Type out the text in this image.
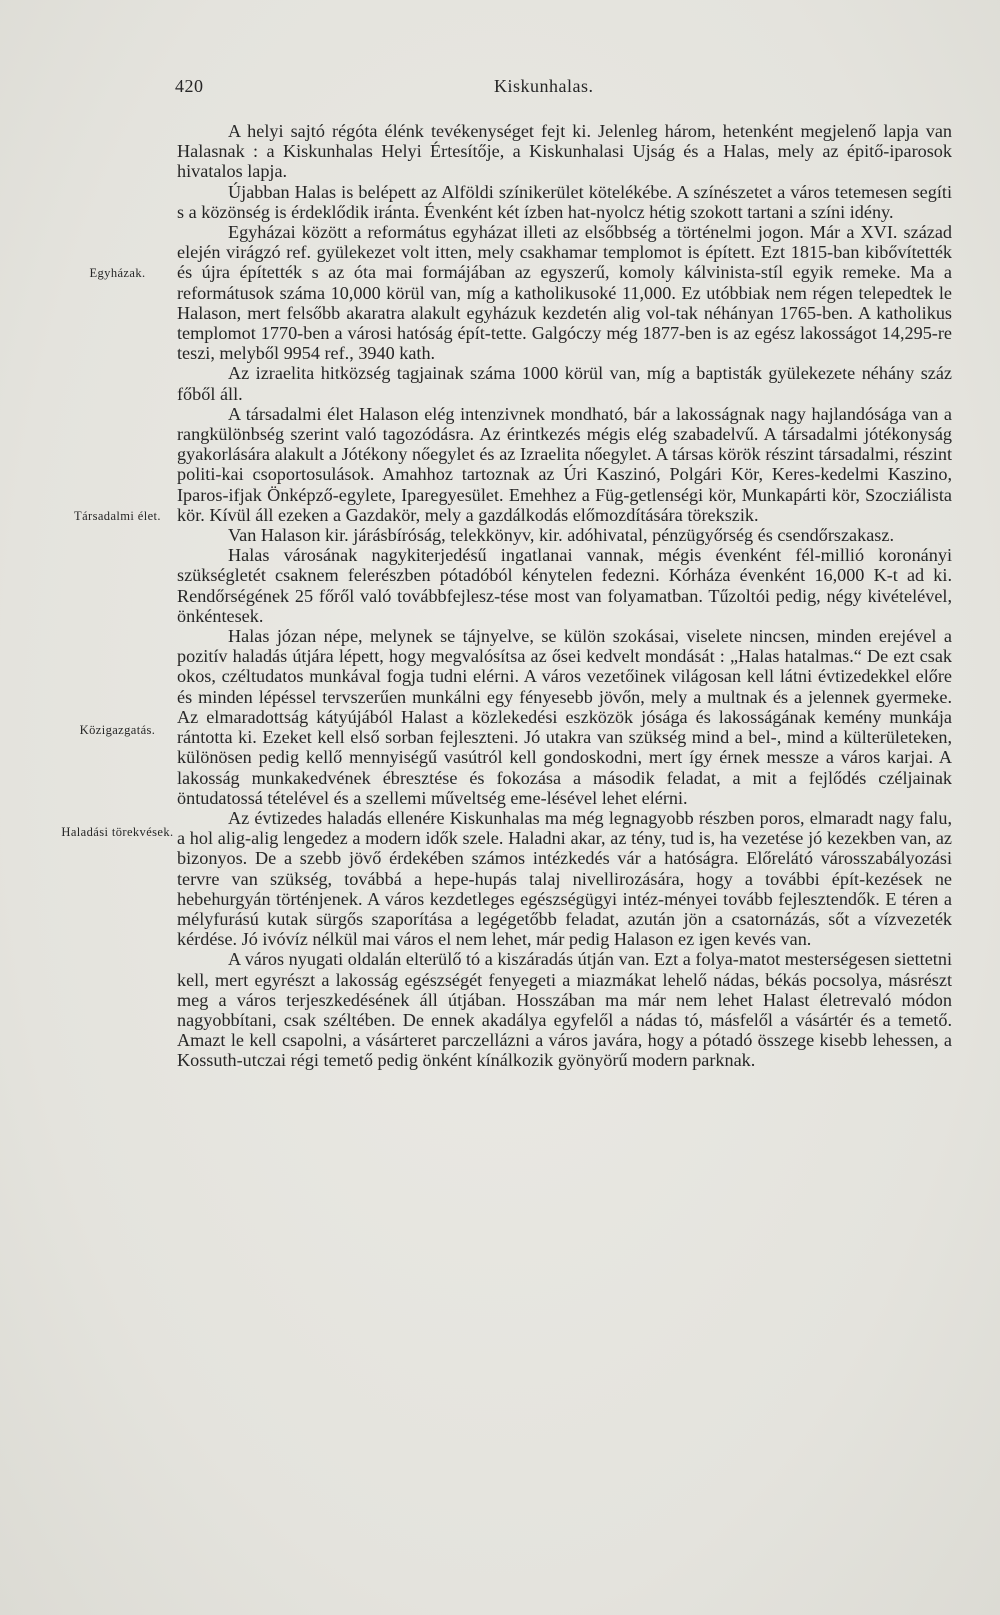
420	Kiskunhalas.
Egyházak.
Társadalmi élet.
Közigazgatás.
Haladási törekvések.

A helyi sajtó régóta élénk tevékenységet fejt ki. Jelenleg három, hetenként megjelenő lapja van Halasnak : a Kiskunhalas Helyi Értesítője, a Kiskunhalasi Ujság és a Halas, mely az épitő-iparosok hivatalos lapja.

Újabban Halas is belépett az Alföldi színikerület kötelékébe. A színészetet a város tetemesen segíti s a közönség is érdeklődik iránta. Évenként két ízben hat-nyolcz hétig szokott tartani a színi idény.

Egyházai között a református egyházat illeti az elsőbbség a történelmi jogon. Már a XVI. század elején virágzó ref. gyülekezet volt itten, mely csakhamar templomot is épített. Ezt 1815-ban kibővítették és újra építették s az óta mai formájában az egyszerű, komoly kálvinista-stíl egyik remeke. Ma a reformátusok száma 10,000 körül van, míg a katholikusoké 11,000. Ez utóbbiak nem régen telepedtek le Halason, mert felsőbb akaratra alakult egyházuk kezdetén alig vol-tak néhányan 1765-ben. A katholikus templomot 1770-ben a városi hatóság épít-tette. Galgóczy még 1877-ben is az egész lakosságot 14,295-re teszi, melyből 9954 ref., 3940 kath.

Az izraelita hitközség tagjainak száma 1000 körül van, míg a baptisták gyülekezete néhány száz főből áll.

A társadalmi élet Halason elég intenzivnek mondható, bár a lakosságnak nagy hajlandósága van a rangkülönbség szerint való tagozódásra. Az érintkezés mégis elég szabadelvű. A társadalmi jótékonyság gyakorlására alakult a Jótékony nőegylet és az Izraelita nőegylet. A társas körök részint társadalmi, részint politi-kai csoportosulások. Amahhoz tartoznak az Úri Kaszinó, Polgári Kör, Keres-kedelmi Kaszino, Iparos-ifjak Önképző-egylete, Iparegyesület. Emehhez a Füg-getlenségi kör, Munkapárti kör, Szocziálista kör. Kívül áll ezeken a Gazdakör, mely a gazdálkodás előmozdítására törekszik.

Van Halason kir. járásbíróság, telekkönyv, kir. adóhivatal, pénzügyőrség és csendőrszakasz.

Halas városának nagykiterjedésű ingatlanai vannak, mégis évenként fél-millió koronányi szükségletét csaknem felerészben pótadóból kénytelen fedezni. Kórháza évenként 16,000 K-t ad ki. Rendőrségének 25 főről való továbbfejlesz-tése most van folyamatban. Tűzoltói pedig, négy kivételével, önkéntesek.

Halas józan népe, melynek se tájnyelve, se külön szokásai, viselete nincsen, minden erejével a pozitív haladás útjára lépett, hogy megvalósítsa az ősei kedvelt mondását : „Halas hatalmas.“ De ezt csak okos, czéltudatos munkával fogja tudni elérni. A város vezetőinek világosan kell látni évtizedekkel előre és minden lépéssel tervszerűen munkálni egy fényesebb jövőn, mely a multnak és a jelennek gyermeke. Az elmaradottság kátyújából Halast a közlekedési eszközök jósága és lakosságának kemény munkája rántotta ki. Ezeket kell első sorban fejleszteni. Jó utakra van szükség mind a bel-, mind a külterületeken, különösen pedig kellő mennyiségű vasútról kell gondoskodni, mert így érnek messze a város karjai. A lakosság munkakedvének ébresztése és fokozása a második feladat, a mit a fejlődés czéljainak öntudatossá tételével és a szellemi műveltség eme-lésével lehet elérni.

Az évtizedes haladás ellenére Kiskunhalas ma még legnagyobb részben poros, elmaradt nagy falu, a hol alig-alig lengedez a modern idők szele. Haladni akar, az tény, tud is, ha vezetése jó kezekben van, az bizonyos. De a szebb jövő érdekében számos intézkedés vár a hatóságra. Előrelátó városszabályozási tervre van szükség, továbbá a hepe-hupás talaj nivellirozására, hogy a további épít-kezések ne hebehurgyán történjenek. A város kezdetleges egészségügyi intéz-ményei tovább fejlesztendők. E téren a mélyfurású kutak sürgős szaporítása a legégetőbb feladat, azután jön a csatornázás, sőt a vízvezeték kérdése. Jó ivóvíz nélkül mai város el nem lehet, már pedig Halason ez igen kevés van.

A város nyugati oldalán elterülő tó a kiszáradás útján van. Ezt a folya-matot mesterségesen siettetni kell, mert egyrészt a lakosság egészségét fenyegeti a miazmákat lehelő nádas, békás pocsolya, másrészt meg a város terjeszkedésének áll útjában. Hosszában ma már nem lehet Halast életrevaló módon nagyobbítani, csak széltében. De ennek akadálya egyfelől a nádas tó, másfelől a vásártér és a temető. Amazt le kell csapolni, a vásárteret parczellázni a város javára, hogy a pótadó összege kisebb lehessen, a Kossuth-utczai régi temető pedig önként kínálkozik gyönyörű modern parknak.
